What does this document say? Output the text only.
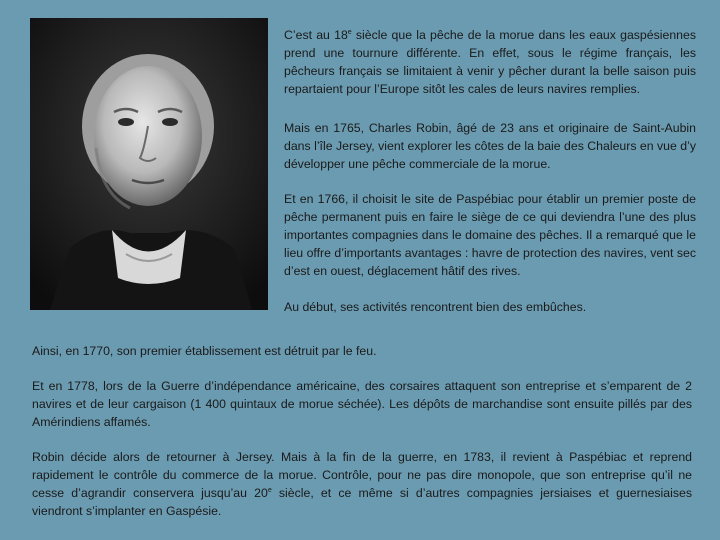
C’est au 18e siècle que la pêche de la morue dans les eaux gaspésiennes prend une tournure différente. En effet, sous le régime français, les pêcheurs français se limitaient à venir y pêcher durant la belle saison puis repartaient pour l’Europe sitôt les cales de leurs navires remplies.

Mais en 1765, Charles Robin, âgé de 23 ans et originaire de Saint-Aubin dans l’île Jersey, vient explorer les côtes de la baie des Chaleurs en vue d’y développer une pêche commerciale de la morue.

Et en 1766, il choisit le site de Paspébiac pour établir un premier poste de pêche permanent puis en faire le siège de ce qui deviendra l’une des plus importantes compagnies dans le domaine des pêches. Il a remarqué que le lieu offre d’importants avantages : havre de protection des navires, vent sec d’est en ouest, déglacement hâtif des rives.

Au début, ses activités rencontrent bien des embûches.

Ainsi, en 1770, son premier établissement est détruit par le feu.

Et en 1778, lors de la Guerre d’indépendance américaine, des corsaires attaquent son entreprise et s’emparent de 2 navires et de leur cargaison (1 400 quintaux de morue séchée). Les dépôts de marchandise sont ensuite pillés par des Amérindiens affamés.

Robin décide alors de retourner à Jersey. Mais à la fin de la guerre, en 1783, il revient à Paspébiac et reprend rapidement le contrôle du commerce de la morue. Contrôle, pour ne pas dire monopole, que son entreprise qu’il ne cesse d’agrandir conservera jusqu’au 20e siècle, et ce même si d’autres compagnies jersiaises et guernesiaises viendront s’implanter en Gaspésie.
